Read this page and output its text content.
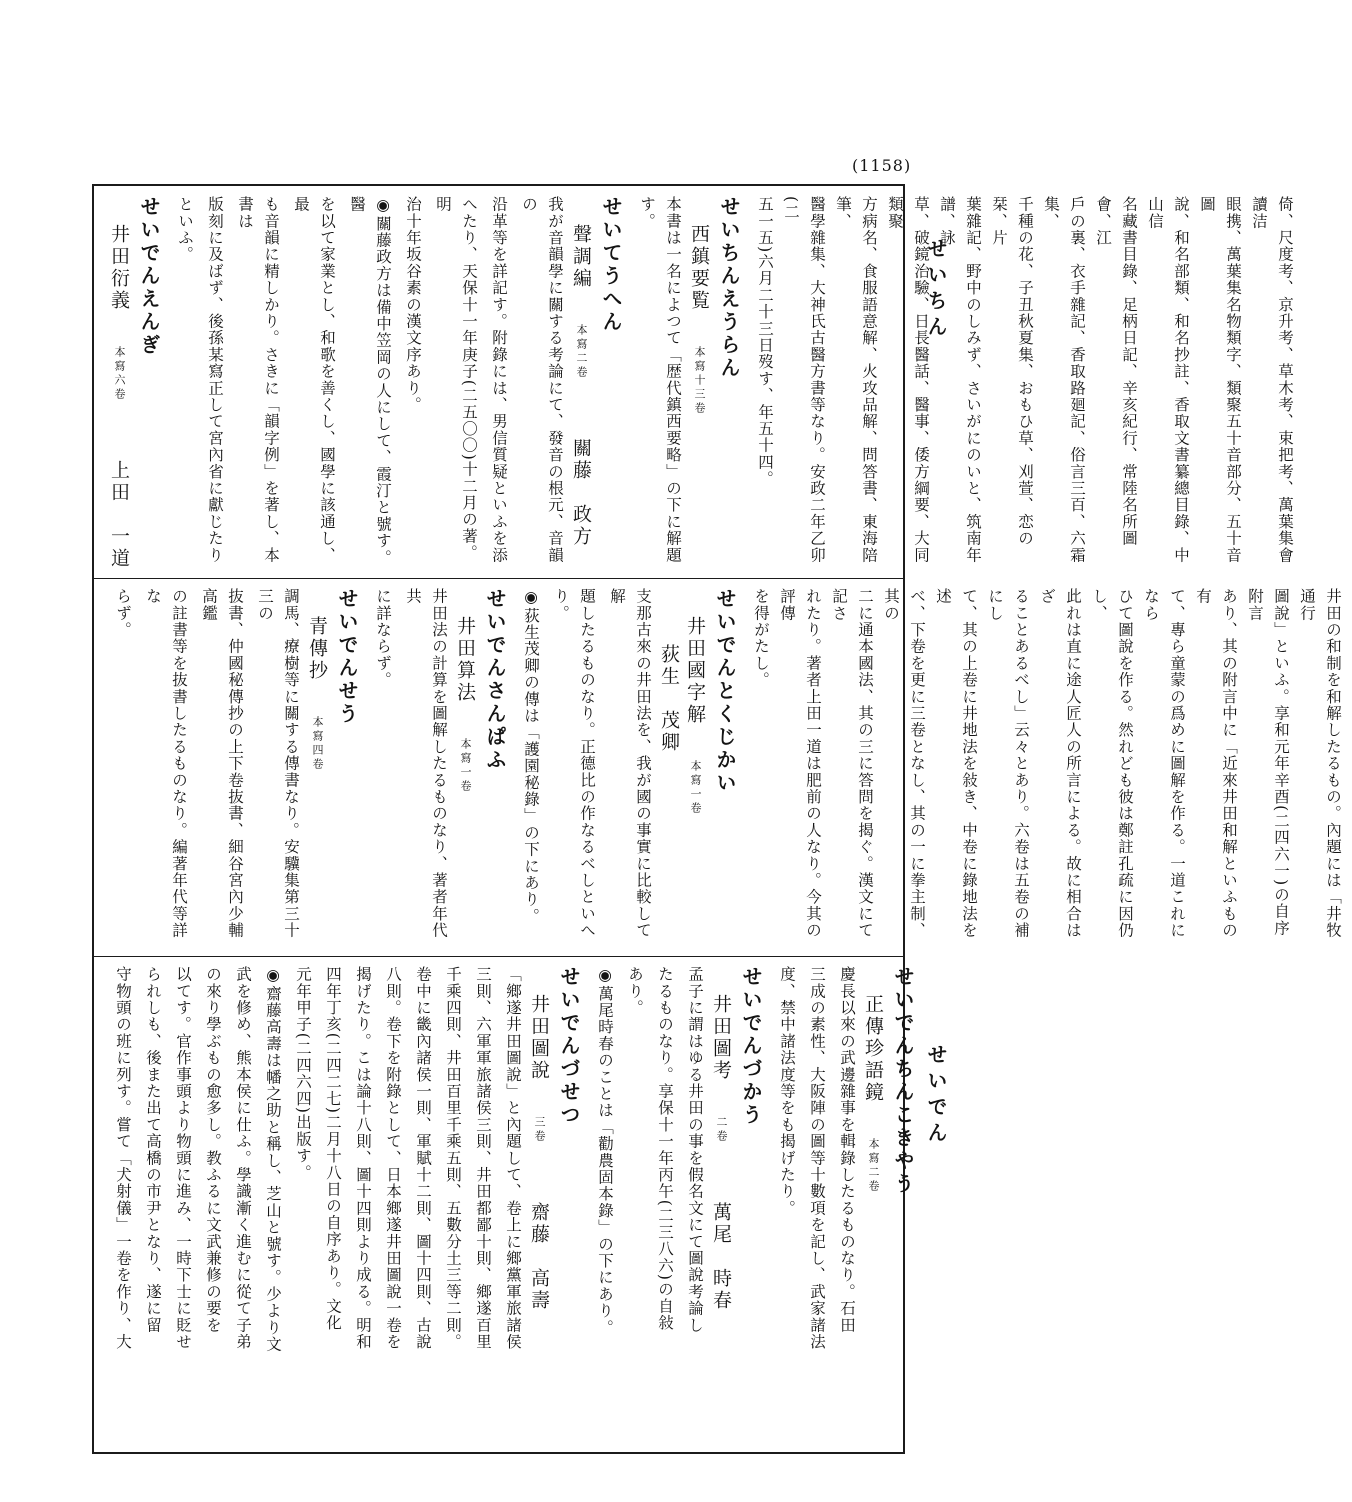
(1158)
せいちん
せいでん

倚、尺度考、京升考、草木考、束把考、萬葉集會讀洁

眼携、萬葉集名物類字、類聚五十音部分、五十音圖

說、和名部類、和名抄註、香取文書纂總目錄、中山信

名藏書目錄、足柄日記、辛亥紀行、常陸名所圖會、江

戶の裏、衣手雜記、香取路廻記、俗言三百、六霜集、

千種の花、子丑秋夏集、おもひ草、刈萱、恋の栞、片

葉雜記、野中のしみず、さいがにのいと、筑南年譜、詠

草、破鏡治驗、日長醫話、醫事、倭方綱要、大同類聚

方病名、食服語意解、火攻品解、問答書、東海陪筆、

醫學雜集、大神氏古醫方書等なり。安政二年乙卯(二

五一五)六月二十三日歿す、年五十四。

せいちんえうらん

西鎮要覧　本寫十三卷

本書は一名によつて「歴代鎮西要略」の下に解題す。

せいてうへん

聲調編　本寫二卷　關藤　政方

我が音韻學に關する考論にて、發音の根元、音韻の

沿革等を詳記す。附錄には、男信質疑といふを添

へたり、天保十一年庚子(二五〇〇)十二月の著。明

治十年坂谷素の漢文序あり。

◉關藤政方は備中笠岡の人にして、霞汀と號す。醫

を以て家業とし、和歌を善くし、國學に該通し、最

も音韻に精しかり。さきに「韻字例」を著し、本書は

版刻に及ばず、後孫某寫正して宮內省に獻じたり

といふ。

せいでんえんぎ

井田衍義　本寫六卷　上田　一道

井田の和制を和解したるもの。內題には「井牧通行

圖說」といふ。享和元年辛酉(二四六一)の自序附言

あり、其の附言中に「近來井田和解といふもの有

て、專ら童蒙の爲めに圖解を作る。一道これになら

ひて圖說を作る。然れども彼は鄭註孔疏に因仍し、

此れは直に途人匠人の所言による。故に相合はざ

ることあるべし」云々とあり。六卷は五卷の補にし

て、其の上卷に井地法を敍き、中卷に錄地法を述

べ、下卷を更に三卷となし、其の一に拳主制、其の

二に通本國法、其の三に答問を揭ぐ。漢文にて記さ

れたり。著者上田一道は肥前の人なり。今其の評傳

を得がたし。

せいでんとくじかい

井田國字解　本寫一卷　荻生　茂卿

支那古來の井田法を、我が國の事實に比較して解

題したるものなり。正德比の作なるべしといへり。

◉荻生茂卿の傳は「護園秘錄」の下にあり。

せいでんさんぱふ

井田算法　本寫一卷

井田法の計算を圖解したるものなり、著者年代共

に詳ならず。

せいでんせう

青傳抄　本寫四卷

調馬、療樹等に關する傳書なり。安驥集第三十三の

抜書、仲國秘傳抄の上下卷抜書、細谷宮內少輔高鑑

の註書等を抜書したるものなり。編著年代等詳な

らず。

せいでんちんこきやう

正傳珍語鏡　本寫二卷

慶長以來の武邊雜事を輯錄したるものなり。石田

三成の素性、大阪陣の圖等十數項を記し、武家諸法

度、禁中諸法度等をも揭げたり。

せいでんづかう

井田圖考　二卷　萬尾　時春

孟子に謂はゆる井田の事を假名文にて圖說考論し

たるものなり。享保十一年丙午(二三八六)の自敍

あり。

◉萬尾時春のことは「勸農固本錄」の下にあり。

せいでんづせつ

井田圖說　三卷　齋藤　高壽

「鄉遂井田圖說」と內題して、卷上に鄉黨軍旅諸侯

三則、六軍軍旅諸侯三則、井田都鄙十則、鄉遂百里

千乘四則、井田百里千乘五則、五數分土三等二則。

卷中に畿內諸侯一則、軍賦十二則、圖十四則、古說

八則。卷下を附錄として、日本鄉遂井田圖說一卷を

揭げたり。こは論十八則、圖十四則より成る。明和

四年丁亥(二四二七)二月十八日の自序あり。文化

元年甲子(二四六四)出版す。

◉齋藤高壽は幡之助と稱し、芝山と號す。少より文

武を修め、熊本侯に仕ふ。學識漸く進むに從て子弟

の來り學ぶもの愈多し。教ふるに文武兼修の要を

以てす。官作事頭より物頭に進み、一時下士に貶せ

られしも、後また出て高橋の市尹となり、遂に留

守物頭の班に列す。嘗て「犬射儀」一卷を作り、大
